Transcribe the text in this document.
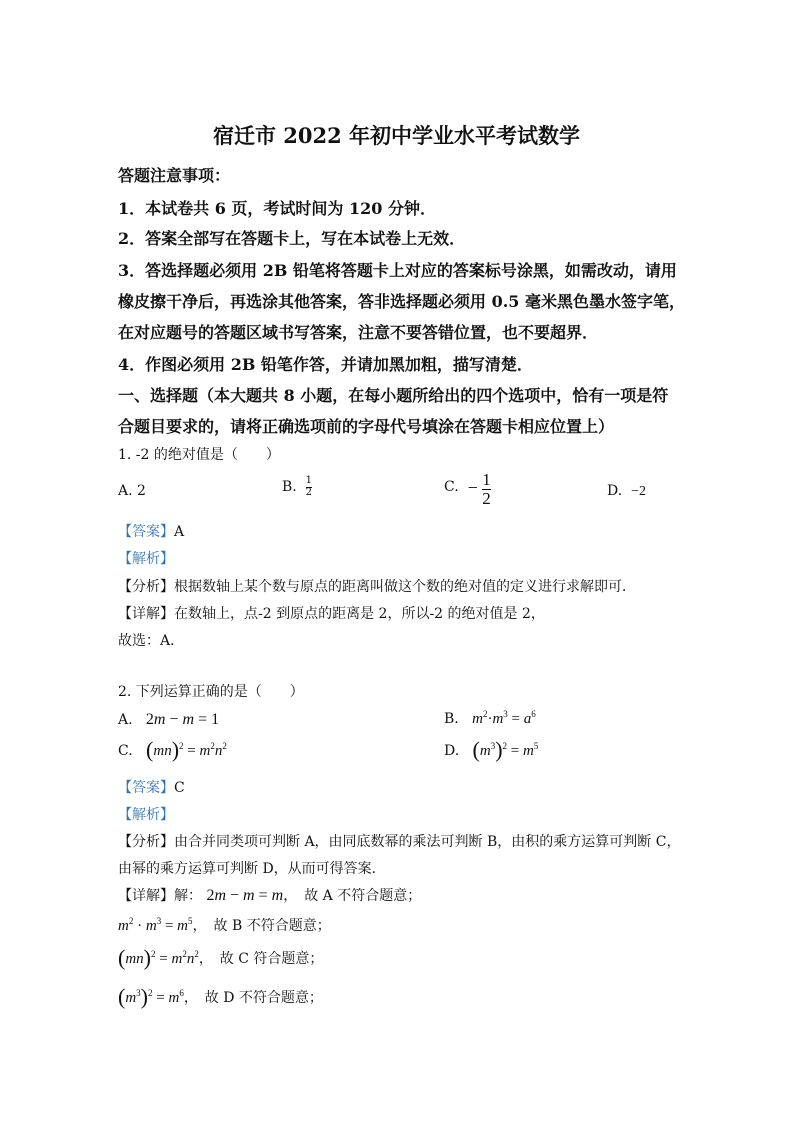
宿迁市 2022 年初中学业水平考试数学
答题注意事项：
1．本试卷共 6 页，考试时间为 120 分钟．
2．答案全部写在答题卡上，写在本试卷上无效．
3．答选择题必须用 2B 铅笔将答题卡上对应的答案标号涂黑，如需改动，请用
橡皮擦干净后，再选涂其他答案，答非选择题必须用 0.5 毫米黑色墨水签字笔，
在对应题号的答题区域书写答案，注意不要答错位置，也不要超界．
4．作图必须用 2B 铅笔作答，并请加黑加粗，描写清楚．
一、选择题（本大题共 8 小题，在每小题所给出的四个选项中，恰有一项是符
合题目要求的，请将正确选项前的字母代号填涂在答题卡相应位置上）
1. -2 的绝对值是（　　）
A. 2	B. $\frac{1}{2}$	C. − $\frac{1}{2}$	D. −2
【答案】A
【解析】
【分析】根据数轴上某个数与原点的距离叫做这个数的绝对值的定义进行求解即可．
【详解】在数轴上，点-2 到原点的距离是 2，所以-2 的绝对值是 2，
故选：A．
2. 下列运算正确的是（　　）
A. 2m − m = 1	B. $m^2\cdot m^3 = a^6$
C. $(mn)^2 = m^2n^2$	D. $(m^3)^2 = m^5$
【答案】C
【解析】
【分析】由合并同类项可判断 A，由同底数幂的乘法可判断 B，由积的乘方运算可判断 C，
由幂的乘方运算可判断 D，从而可得答案．
【详解】解： 2m − m = m，　故 A 不符合题意；
$m^2 \cdot m^3 = m^5$，　故 B 不符合题意；
$(mn)^2 = m^2n^2$，　故 C 符合题意；
$(m^3)^2 = m^6$，　故 D 不符合题意；
